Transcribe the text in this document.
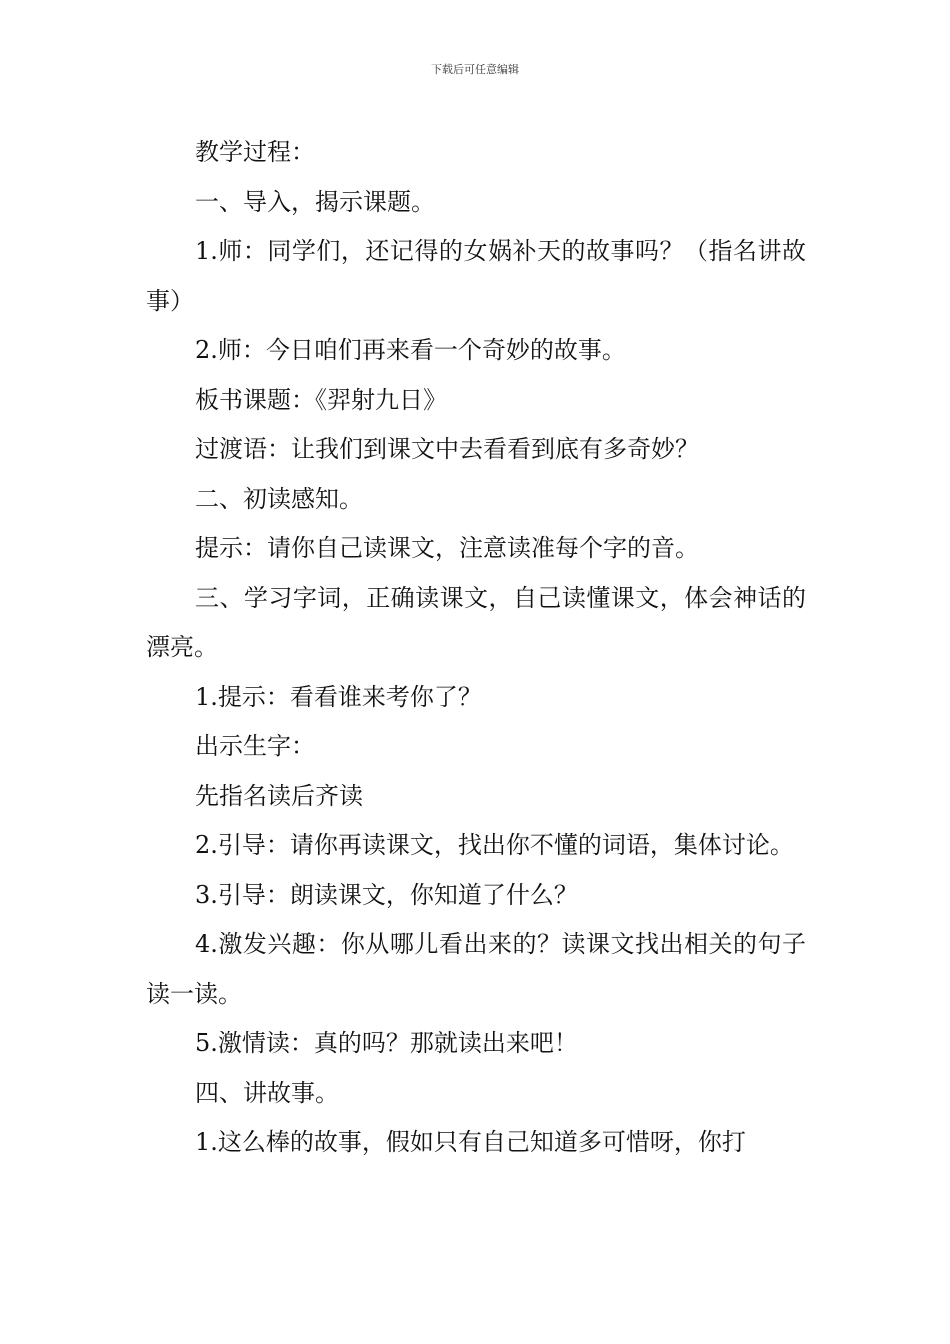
下载后可任意编辑

教学过程：

一、导入，揭示课题。

1.师：同学们，还记得的女娲补天的故事吗？（指名讲故事）

2.师：今日咱们再来看一个奇妙的故事。

板书课题：《羿射九日》

过渡语：让我们到课文中去看看到底有多奇妙？

二、初读感知。

提示：请你自己读课文，注意读准每个字的音。

三、学习字词，正确读课文，自己读懂课文，体会神话的漂亮。

1.提示：看看谁来考你了？

出示生字：

先指名读后齐读

2.引导：请你再读课文，找出你不懂的词语，集体讨论。

3.引导：朗读课文，你知道了什么？

4.激发兴趣：你从哪儿看出来的？读课文找出相关的句子读一读。

5.激情读：真的吗？那就读出来吧！

四、讲故事。

1.这么棒的故事，假如只有自己知道多可惜呀，你打
